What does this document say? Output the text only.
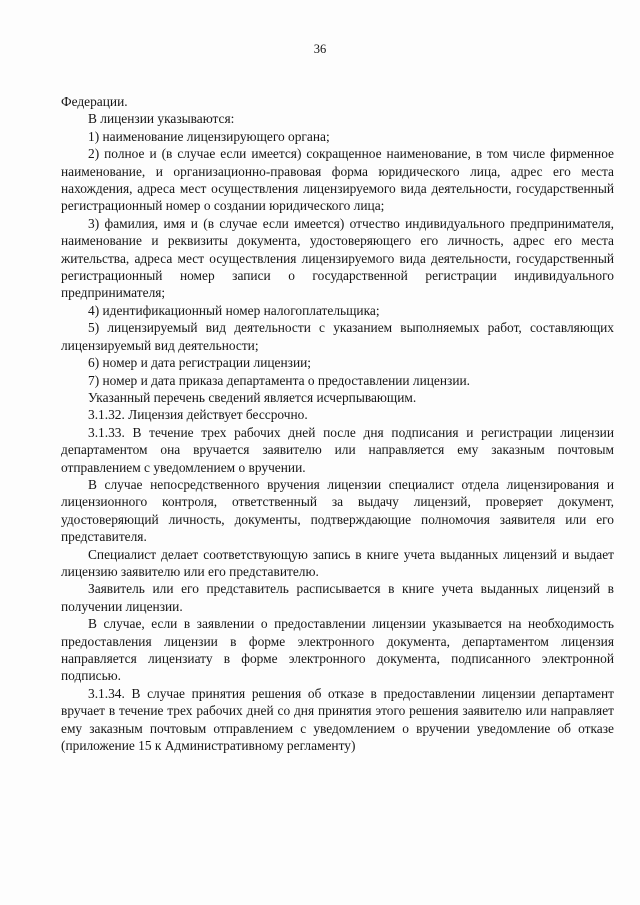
36

Федерации.

В лицензии указываются:

1) наименование лицензирующего органа;

2) полное и (в случае если имеется) сокращенное наименование, в том числе фирменное наименование, и организационно-правовая форма юридического лица, адрес его места нахождения, адреса мест осуществления лицензируемого вида деятельности, государственный регистрационный номер о создании юридического лица;

3) фамилия, имя и (в случае если имеется) отчество индивидуального предпринимателя, наименование и реквизиты документа, удостоверяющего его личность, адрес его места жительства, адреса мест осуществления лицензируемого вида деятельности, государственный регистрационный номер записи о государственной регистрации индивидуального предпринимателя;

4) идентификационный номер налогоплательщика;

5) лицензируемый вид деятельности с указанием выполняемых работ, составляющих лицензируемый вид деятельности;

6) номер и дата регистрации лицензии;

7) номер и дата приказа департамента о предоставлении лицензии.

Указанный перечень сведений является исчерпывающим.

3.1.32. Лицензия действует бессрочно.

3.1.33. В течение трех рабочих дней после дня подписания и регистрации лицензии департаментом она вручается заявителю или направляется ему заказным почтовым отправлением с уведомлением о вручении.

В случае непосредственного вручения лицензии специалист отдела лицензирования и лицензионного контроля, ответственный за выдачу лицензий, проверяет документ, удостоверяющий личность, документы, подтверждающие полномочия заявителя или его представителя.

Специалист делает соответствующую запись в книге учета выданных лицензий и выдает лицензию заявителю или его представителю.

Заявитель или его представитель расписывается в книге учета выданных лицензий в получении лицензии.

В случае, если в заявлении о предоставлении лицензии указывается на необходимость предоставления лицензии в форме электронного документа, департаментом лицензия направляется лицензиату в форме электронного документа, подписанного электронной подписью.

3.1.34. В случае принятия решения об отказе в предоставлении лицензии департамент вручает в течение трех рабочих дней со дня принятия этого решения заявителю или направляет ему заказным почтовым отправлением с уведомлением о вручении уведомление об отказе (приложение 15 к Административному регламенту)
